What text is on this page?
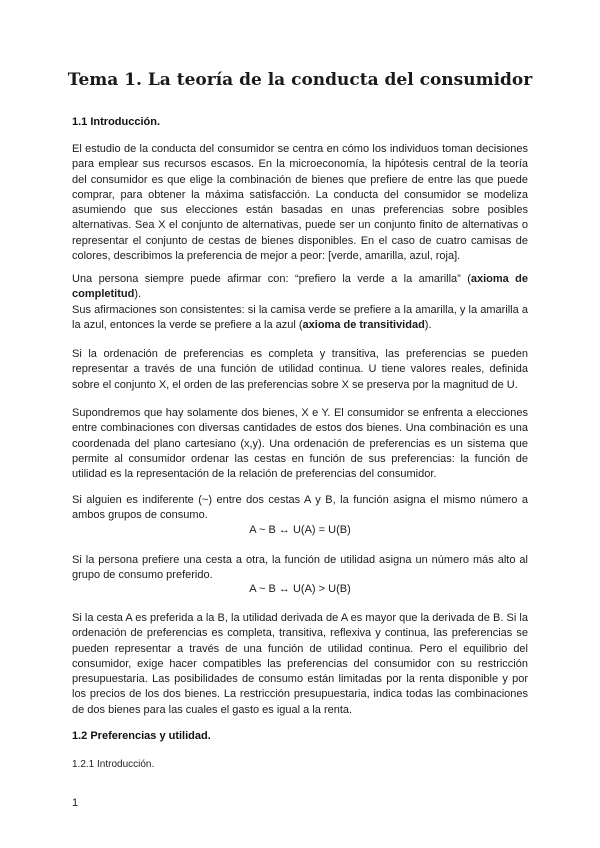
Tema 1. La teoría de la conducta del consumidor
1.1 Introducción.
El estudio de la conducta del consumidor se centra en cómo los individuos toman decisiones para emplear sus recursos escasos. En la microeconomía, la hipótesis central de la teoría del consumidor es que elige la combinación de bienes que prefiere de entre las que puede comprar, para obtener la máxima satisfacción. La conducta del consumidor se modeliza asumiendo que sus elecciones están basadas en unas preferencias sobre posibles alternativas. Sea X el conjunto de alternativas, puede ser un conjunto finito de alternativas o representar el conjunto de cestas de bienes disponibles. En el caso de cuatro camisas de colores, describimos la preferencia de mejor a peor: [verde, amarilla, azul, roja].
Una persona siempre puede afirmar con: “prefiero la verde a la amarilla” (axioma de completitud).
Sus afirmaciones son consistentes: si la camisa verde se prefiere a la amarilla, y la amarilla a la azul, entonces la verde se prefiere a la azul (axioma de transitividad).
Si la ordenación de preferencias es completa y transitiva, las preferencias se pueden representar a través de una función de utilidad continua. U tiene valores reales, definida sobre el conjunto X, el orden de las preferencias sobre X se preserva por la magnitud de U.
Supondremos que hay solamente dos bienes, X e Y. El consumidor se enfrenta a elecciones entre combinaciones con diversas cantidades de estos dos bienes. Una combinación es una coordenada del plano cartesiano (x,y). Una ordenación de preferencias es un sistema que permite al consumidor ordenar las cestas en función de sus preferencias: la función de utilidad es la representación de la relación de preferencias del consumidor.
Si alguien es indiferente (~) entre dos cestas A y B, la función asigna el mismo número a ambos grupos de consumo.
A ~ B ↔ U(A) = U(B)
Si la persona prefiere una cesta a otra, la función de utilidad asigna un número más alto al grupo de consumo preferido.
A ~ B ↔ U(A) > U(B)
Si la cesta A es preferida a la B, la utilidad derivada de A es mayor que la derivada de B. Si la ordenación de preferencias es completa, transitiva, reflexiva y continua, las preferencias se pueden representar a través de una función de utilidad continua. Pero el equilibrio del consumidor, exige hacer compatibles las preferencias del consumidor con su restricción presupuestaria. Las posibilidades de consumo están limitadas por la renta disponible y por los precios de los dos bienes. La restricción presupuestaria, indica todas las combinaciones de dos bienes para las cuales el gasto es igual a la renta.
1.2 Preferencias y utilidad.
1.2.1 Introducción.
1
